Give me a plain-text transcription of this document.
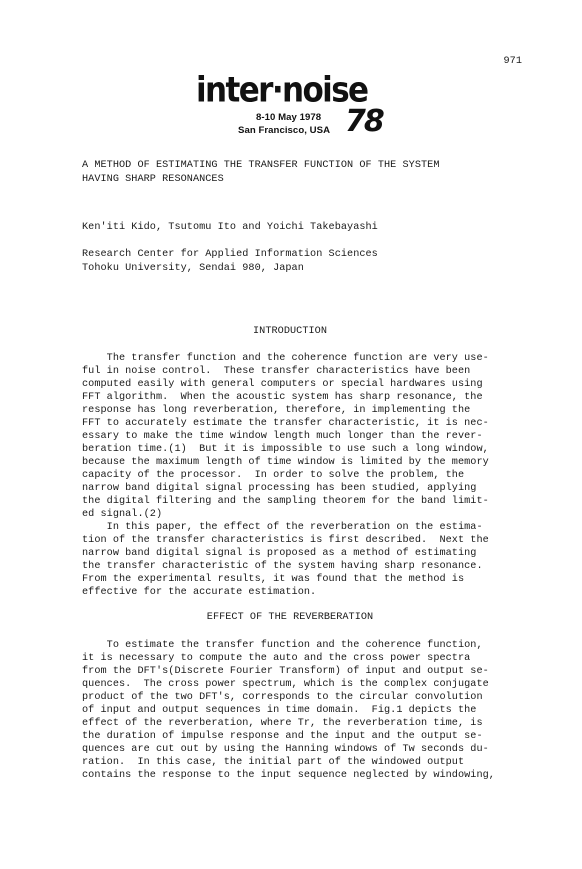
971
inter·noise
8-10 May 1978
San Francisco, USA 78
A METHOD OF ESTIMATING THE TRANSFER FUNCTION OF THE SYSTEM
HAVING SHARP RESONANCES
Ken'iti Kido, Tsutomu Ito and Yoichi Takebayashi
Research Center for Applied Information Sciences
Tohoku University, Sendai 980, Japan
INTRODUCTION
The transfer function and the coherence function are very use-
ful in noise control.  These transfer characteristics have been
computed easily with general computers or special hardwares using
FFT algorithm.  When the acoustic system has sharp resonance, the
response has long reverberation, therefore, in implementing the
FFT to accurately estimate the transfer characteristic, it is nec-
essary to make the time window length much longer than the rever-
beration time.(1)  But it is impossible to use such a long window,
because the maximum length of time window is limited by the memory
capacity of the processor.  In order to solve the problem, the
narrow band digital signal processing has been studied, applying
the digital filtering and the sampling theorem for the band limit-
ed signal.(2)
In this paper, the effect of the reverberation on the estima-
tion of the transfer characteristics is first described.  Next the
narrow band digital signal is proposed as a method of estimating
the transfer characteristic of the system having sharp resonance.
From the experimental results, it was found that the method is
effective for the accurate estimation.
EFFECT OF THE REVERBERATION
To estimate the transfer function and the coherence function,
it is necessary to compute the auto and the cross power spectra
from the DFT's(Discrete Fourier Transform) of input and output se-
quences.  The cross power spectrum, which is the complex conjugate
product of the two DFT's, corresponds to the circular convolution
of input and output sequences in time domain.  Fig.1 depicts the
effect of the reverberation, where Tr, the reverberation time, is
the duration of impulse response and the input and the output se-
quences are cut out by using the Hanning windows of Tw seconds du-
ration.  In this case, the initial part of the windowed output
contains the response to the input sequence neglected by windowing,
